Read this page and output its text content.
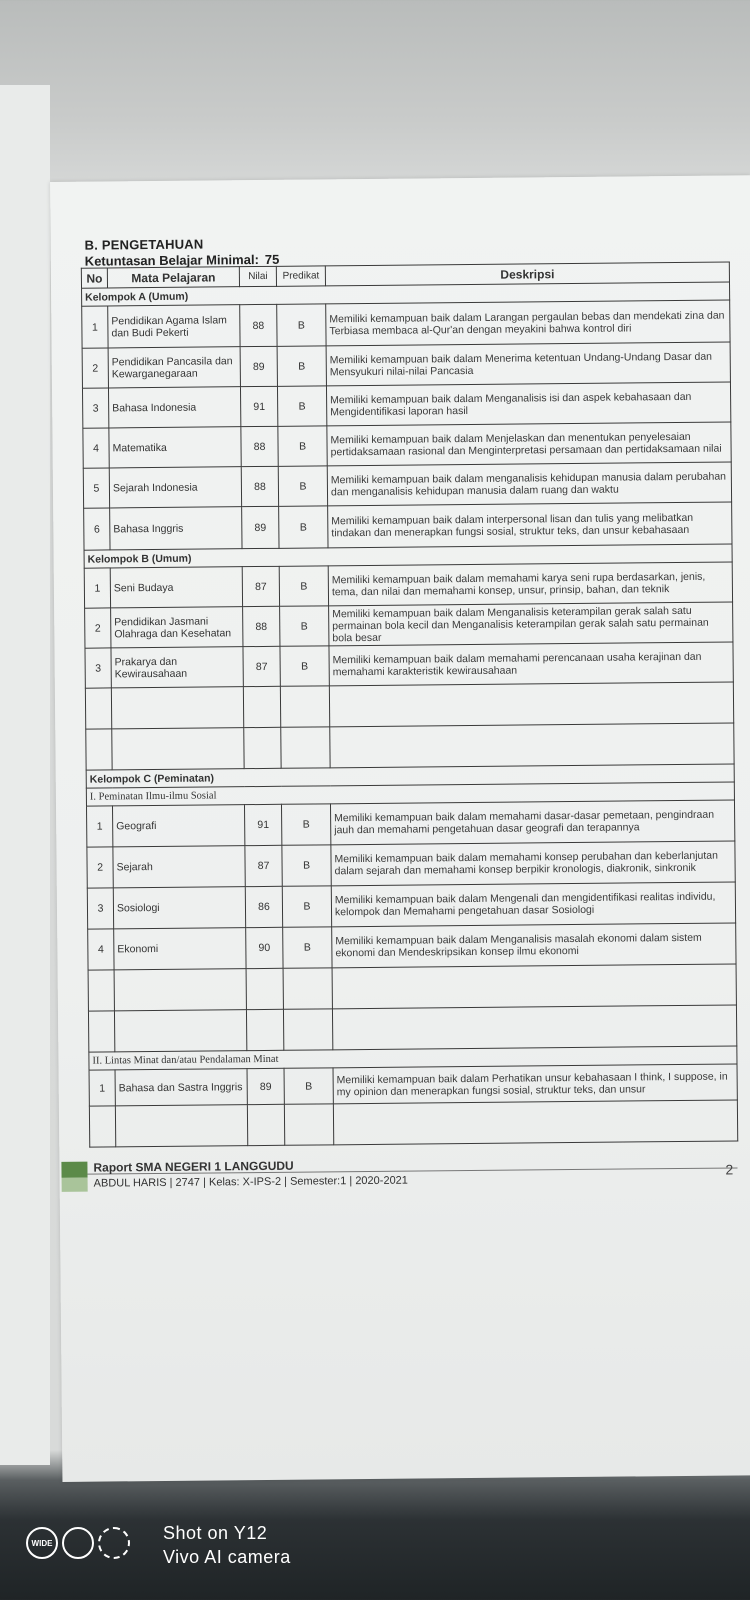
B. PENGETAHUAN
Ketuntasan Belajar Minimal: 75
No	Mata Pelajaran	Nilai	Predikat	Deskripsi
Kelompok A (Umum)				
1	Pendidikan Agama Islam dan Budi Pekerti	88	B	Memiliki kemampuan baik dalam Larangan pergaulan bebas dan mendekati zina dan Terbiasa membaca al-Qur'an dengan meyakini bahwa kontrol diri
2	Pendidikan Pancasila dan Kewarganegaraan	89	B	Memiliki kemampuan baik dalam Menerima ketentuan Undang-Undang Dasar dan Mensyukuri nilai-nilai Pancasia
3	Bahasa Indonesia	91	B	Memiliki kemampuan baik dalam Menganalisis isi dan aspek kebahasaan dan Mengidentifikasi laporan hasil
4	Matematika	88	B	Memiliki kemampuan baik dalam Menjelaskan dan menentukan penyelesaian pertidaksamaan rasional dan Menginterpretasi persamaan dan pertidaksamaan nilai
5	Sejarah Indonesia	88	B	Memiliki kemampuan baik dalam menganalisis kehidupan manusia dalam perubahan dan menganalisis kehidupan manusia dalam ruang dan waktu
6	Bahasa Inggris	89	B	Memiliki kemampuan baik dalam interpersonal lisan dan tulis yang melibatkan tindakan dan menerapkan fungsi sosial, struktur teks, dan unsur kebahasaan
Kelompok B (Umum)				
1	Seni Budaya	87	B	Memiliki kemampuan baik dalam memahami karya seni rupa berdasarkan, jenis, tema, dan nilai dan memahami konsep, unsur, prinsip, bahan, dan teknik
2	Pendidikan Jasmani Olahraga dan Kesehatan	88	B	Memiliki kemampuan baik dalam Menganalisis keterampilan gerak salah satu permainan bola kecil dan Menganalisis keterampilan gerak salah satu permainan bola besar
3	Prakarya dan Kewirausahaan	87	B	Memiliki kemampuan baik dalam memahami perencanaan usaha kerajinan dan memahami karakteristik kewirausahaan

Kelompok C (Peminatan)				
I. Peminatan Ilmu-ilmu Sosial				
1	Geografi	91	B	Memiliki kemampuan baik dalam memahami dasar-dasar pemetaan, pengindraan jauh dan memahami pengetahuan dasar geografi dan terapannya
2	Sejarah	87	B	Memiliki kemampuan baik dalam memahami konsep perubahan dan keberlanjutan dalam sejarah dan memahami konsep berpikir kronologis, diakronik, sinkronik
3	Sosiologi	86	B	Memiliki kemampuan baik dalam Mengenali dan mengidentifikasi realitas individu, kelompok dan Memahami pengetahuan dasar Sosiologi
4	Ekonomi	90	B	Memiliki kemampuan baik dalam Menganalisis masalah ekonomi dalam sistem ekonomi dan Mendeskripsikan konsep ilmu ekonomi

II. Lintas Minat dan/atau Pendalaman Minat				
1	Bahasa dan Sastra Inggris	89	B	Memiliki kemampuan baik dalam Perhatikan unsur kebahasaan I think, I suppose, in my opinion dan menerapkan fungsi sosial, struktur teks, dan unsur

Raport SMA NEGERI 1 LANGGUDU
ABDUL HARIS | 2747 | Kelas: X-IPS-2 | Semester:1 | 2020-2021
2
WIDE	Shot on Y12
Vivo AI camera
